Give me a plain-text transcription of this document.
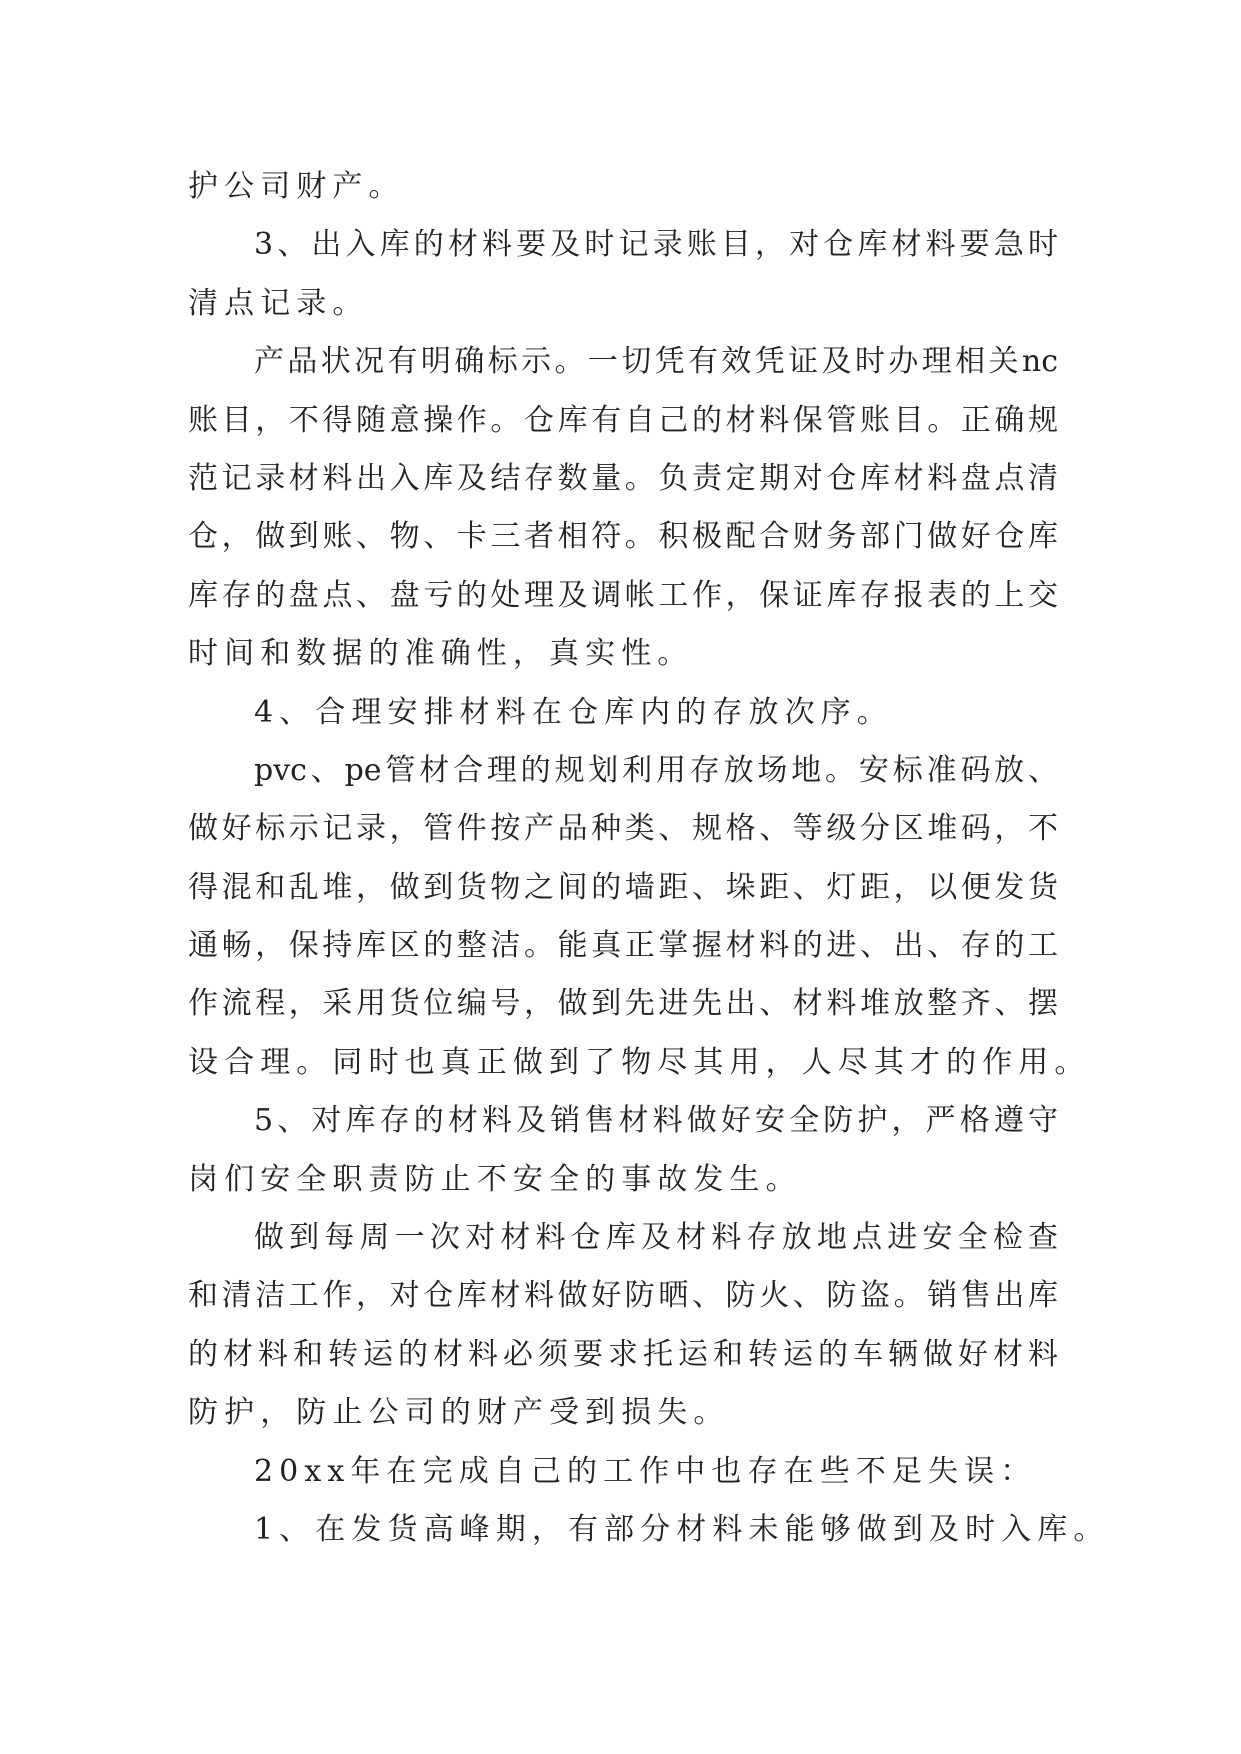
护公司财产。
3、出入库的材料要及时记录账目，对仓库材料要急时
清点记录。
产品状况有明确标示。一切凭有效凭证及时办理相关nc
账目，不得随意操作。仓库有自己的材料保管账目。正确规
范记录材料出入库及结存数量。负责定期对仓库材料盘点清
仓，做到账、物、卡三者相符。积极配合财务部门做好仓库
库存的盘点、盘亏的处理及调帐工作，保证库存报表的上交
时间和数据的准确性，真实性。
4、合理安排材料在仓库内的存放次序。
pvc、pe管材合理的规划利用存放场地。安标准码放、
做好标示记录，管件按产品种类、规格、等级分区堆码，不
得混和乱堆，做到货物之间的墙距、垛距、灯距，以便发货
通畅，保持库区的整洁。能真正掌握材料的进、出、存的工
作流程，采用货位编号，做到先进先出、材料堆放整齐、摆
设合理。同时也真正做到了物尽其用，人尽其才的作用。
5、对库存的材料及销售材料做好安全防护，严格遵守
岗们安全职责防止不安全的事故发生。
做到每周一次对材料仓库及材料存放地点进安全检查
和清洁工作，对仓库材料做好防晒、防火、防盗。销售出库
的材料和转运的材料必须要求托运和转运的车辆做好材料
防护，防止公司的财产受到损失。
20xx年在完成自己的工作中也存在些不足失误：
1、在发货高峰期，有部分材料未能够做到及时入库。
